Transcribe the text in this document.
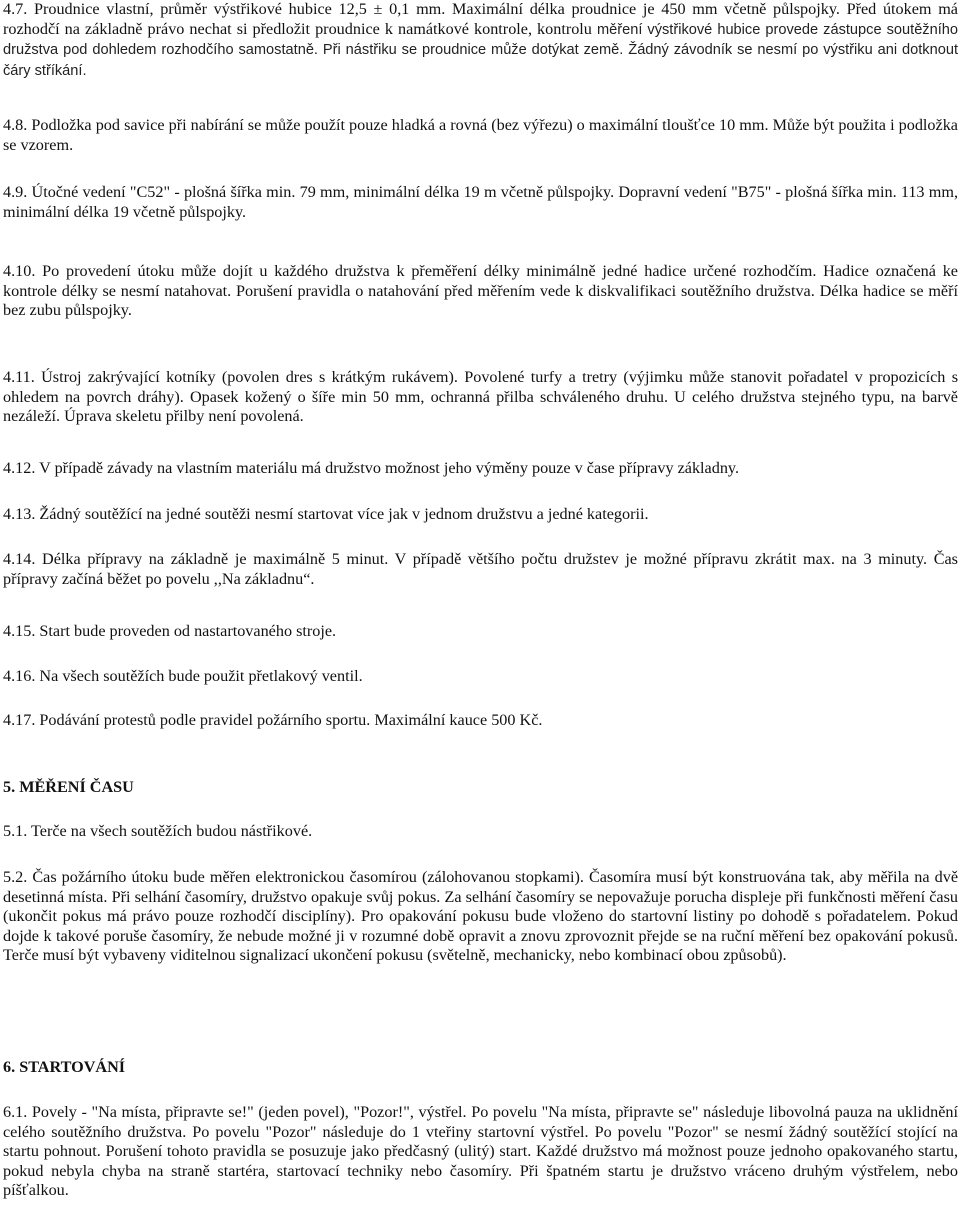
4.7. Proudnice vlastní, průměr výstřikové hubice 12,5 ± 0,1 mm. Maximální délka proudnice je 450 mm včetně půlspojky. Před útokem má rozhodčí na základně právo nechat si předložit proudnice k namátkové kontrole, kontrolu měření výstřikové hubice provede zástupce soutěžního družstva pod dohledem rozhodčího samostatně. Při nástřiku se proudnice může dotýkat země. Žádný závodník se nesmí po výstřiku ani dotknout čáry stříkání.

4.8. Podložka pod savice při nabírání se může použít pouze hladká a rovná (bez výřezu) o maximální tloušťce 10 mm. Může být použita i podložka se vzorem.

4.9. Útočné vedení "C52" - plošná šířka min. 79 mm, minimální délka 19 m včetně půlspojky. Dopravní vedení "B75" - plošná šířka min. 113 mm, minimální délka 19 včetně půlspojky.

4.10. Po provedení útoku může dojít u každého družstva k přeměření délky minimálně jedné hadice určené rozhodčím. Hadice označená ke kontrole délky se nesmí natahovat. Porušení pravidla o natahování před měřením vede k diskvalifikaci soutěžního družstva. Délka hadice se měří bez zubu půlspojky.

4.11. Ústroj zakrývající kotníky (povolen dres s krátkým rukávem). Povolené turfy a tretry (výjimku může stanovit pořadatel v propozicích s ohledem na povrch dráhy). Opasek kožený o šíře min 50 mm, ochranná přilba schváleného druhu. U celého družstva stejného typu, na barvě nezáleží. Úprava skeletu přilby není povolená.

4.12. V případě závady na vlastním materiálu má družstvo možnost jeho výměny pouze v čase přípravy základny.

4.13. Žádný soutěžící na jedné soutěži nesmí startovat více jak v jednom družstvu a jedné kategorii.

4.14. Délka přípravy na základně je maximálně 5 minut. V případě většího počtu družstev je možné přípravu zkrátit max. na 3 minuty. Čas přípravy začíná běžet po povelu ,,Na základnu“.

4.15. Start bude proveden od nastartovaného stroje.

4.16. Na všech soutěžích bude použit přetlakový ventil.

4.17. Podávání protestů podle pravidel požárního sportu. Maximální kauce 500 Kč.

5. MĚŘENÍ ČASU

5.1. Terče na všech soutěžích budou nástřikové.

5.2. Čas požárního útoku bude měřen elektronickou časomírou (zálohovanou stopkami). Časomíra musí být konstruována tak, aby měřila na dvě desetinná místa. Při selhání časomíry, družstvo opakuje svůj pokus. Za selhání časomíry se nepovažuje porucha displeje při funkčnosti měření času (ukončit pokus má právo pouze rozhodčí disciplíny). Pro opakování pokusu bude vloženo do startovní listiny po dohodě s pořadatelem. Pokud dojde k takové poruše časomíry, že nebude možné ji v rozumné době opravit a znovu zprovoznit přejde se na ruční měření bez opakování pokusů. Terče musí být vybaveny viditelnou signalizací ukončení pokusu (světelně, mechanicky, nebo kombinací obou způsobů).

6. STARTOVÁNÍ

6.1. Povely - "Na místa, připravte se!" (jeden povel), "Pozor!", výstřel. Po povelu "Na místa, připravte se" následuje libovolná pauza na uklidnění celého soutěžního družstva. Po povelu "Pozor" následuje do 1 vteřiny startovní výstřel. Po povelu "Pozor" se nesmí žádný soutěžící stojící na startu pohnout. Porušení tohoto pravidla se posuzuje jako předčasný (ulitý) start. Každé družstvo má možnost pouze jednoho opakovaného startu, pokud nebyla chyba na straně startéra, startovací techniky nebo časomíry. Při špatném startu je družstvo vráceno druhým výstřelem, nebo píšťalkou.
